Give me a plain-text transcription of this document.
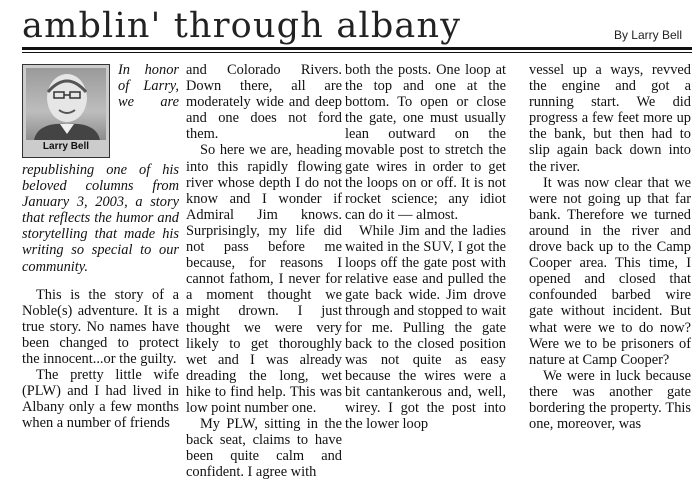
amblin' through albany	By Larry Bell
Larry Bell

In honor of Larry, we are republishing one of his beloved columns from January 3, 2003, a story that reflects the humor and storytelling that made his writing so special to our community.

This is the story of a Noble(s) adventure. It is a true story. No names have been changed to protect the innocent...or the guilty.

The pretty little wife (PLW) and I had lived in Albany only a few months when a number of friends

and Colorado Rivers. Down there, all are moderately wide and deep and one does not ford them.

So here we are, heading into this rapidly flowing river whose depth I do not know and I wonder if Admiral Jim knows. Surprisingly, my life did not pass before me because, for reasons I cannot fathom, I never for a moment thought we might drown. I just thought we were very likely to get thoroughly wet and I was already dreading the long, wet hike to find help. This was low point number one.

My PLW, sitting in the back seat, claims to have been quite calm and confident. I agree with

both the posts. One loop at the top and one at the bottom. To open or close the gate, one must usually lean outward on the movable post to stretch the gate wires in order to get the loops on or off. It is not rocket science; any idiot can do it — almost.

While Jim and the ladies waited in the SUV, I got the loops off the gate post with relative ease and pulled the gate back wide. Jim drove through and stopped to wait for me. Pulling the gate back to the closed position was not quite as easy because the wires were a bit cantankerous and, well, wirey. I got the post into the lower loop

vessel up a ways, revved the engine and got a running start. We did progress a few feet more up the bank, but then had to slip again back down into the river.

It was now clear that we were not going up that far bank. Therefore we turned around in the river and drove back up to the Camp Cooper area. This time, I opened and closed that confounded barbed wire gate without incident. But what were we to do now? Were we to be prisoners of nature at Camp Cooper?

We were in luck because there was another gate bordering the property. This one, moreover, was
